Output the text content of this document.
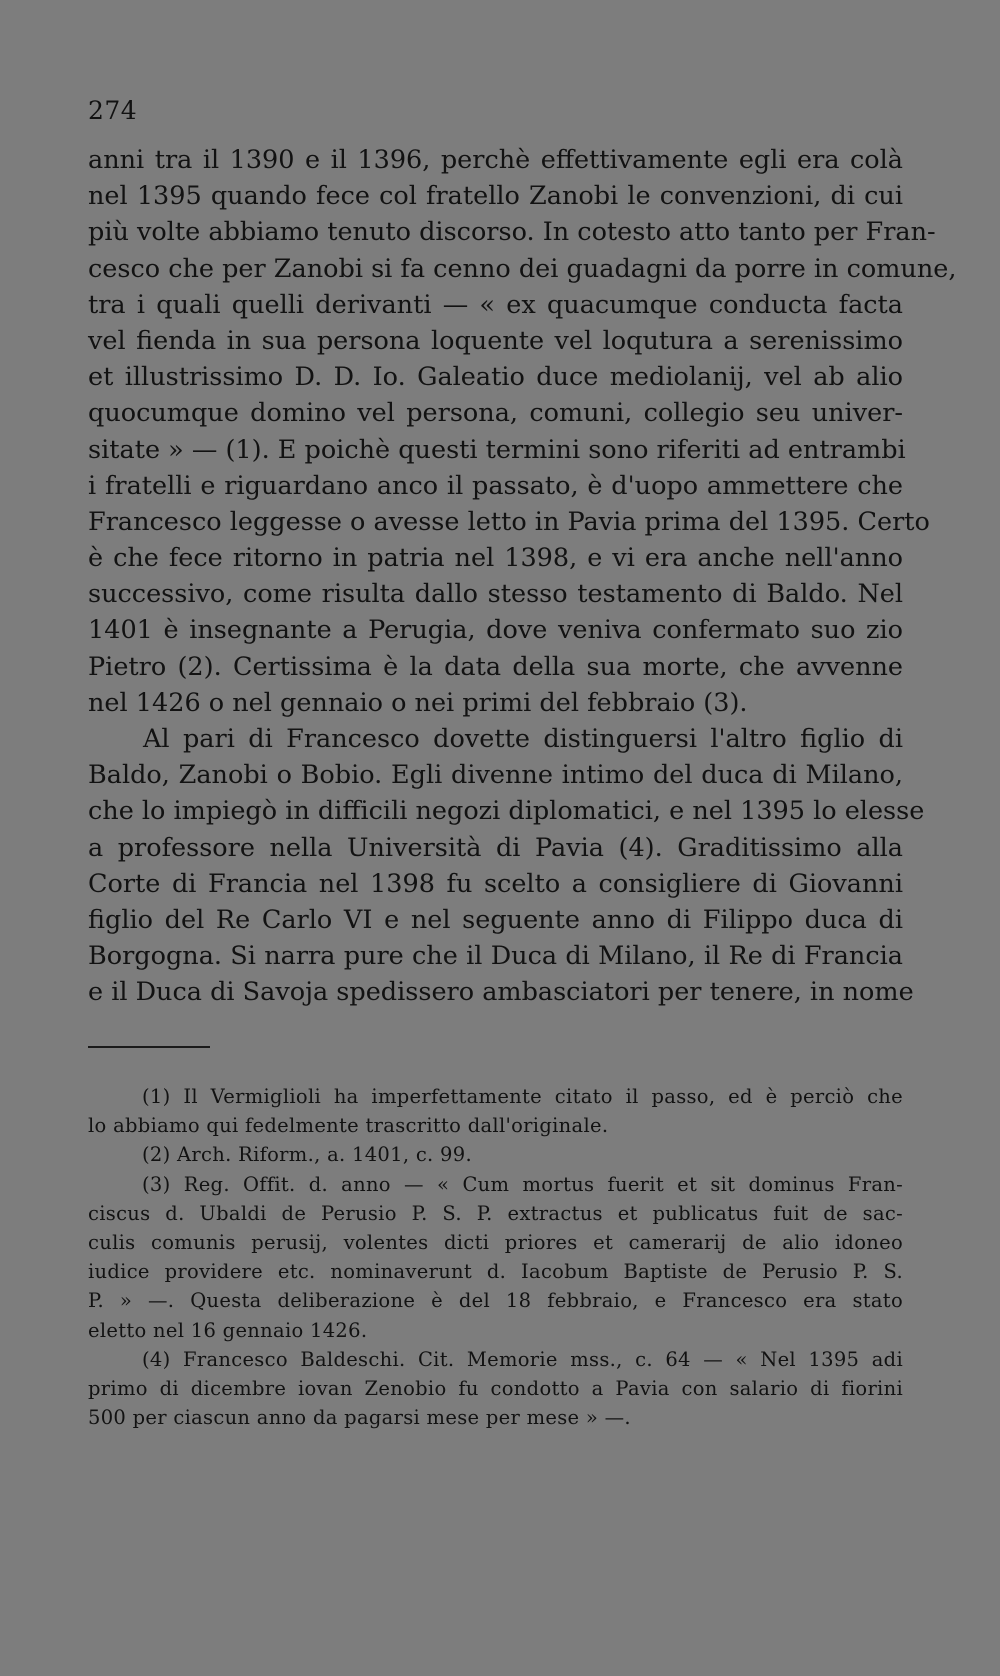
274
anni tra il 1390 e il 1396, perchè effettivamente egli era colà
nel 1395 quando fece col fratello Zanobi le convenzioni, di cui
più volte abbiamo tenuto discorso. In cotesto atto tanto per Fran-
cesco che per Zanobi si fa cenno dei guadagni da porre in comune,
tra i quali quelli derivanti — « ex quacumque conducta facta
vel fienda in sua persona loquente vel loqutura a serenissimo
et illustrissimo D. D. Io. Galeatio duce mediolanij, vel ab alio
quocumque domino vel persona, comuni, collegio seu univer-
sitate » — (1). E poichè questi termini sono riferiti ad entrambi
i fratelli e riguardano anco il passato, è d'uopo ammettere che
Francesco leggesse o avesse letto in Pavia prima del 1395. Certo
è che fece ritorno in patria nel 1398, e vi era anche nell'anno
successivo, come risulta dallo stesso testamento di Baldo. Nel
1401 è insegnante a Perugia, dove veniva confermato suo zio
Pietro (2). Certissima è la data della sua morte, che avvenne
nel 1426 o nel gennaio o nei primi del febbraio (3).
Al pari di Francesco dovette distinguersi l'altro figlio di
Baldo, Zanobi o Bobio. Egli divenne intimo del duca di Milano,
che lo impiegò in difficili negozi diplomatici, e nel 1395 lo elesse
a professore nella Università di Pavia (4). Graditissimo alla
Corte di Francia nel 1398 fu scelto a consigliere di Giovanni
figlio del Re Carlo VI e nel seguente anno di Filippo duca di
Borgogna. Si narra pure che il Duca di Milano, il Re di Francia
e il Duca di Savoja spedissero ambasciatori per tenere, in nome
(1) Il Vermiglioli ha imperfettamente citato il passo, ed è perciò che
lo abbiamo qui fedelmente trascritto dall'originale.
(2) Arch. Riform., a. 1401, c. 99.
(3) Reg. Offit. d. anno — « Cum mortus fuerit et sit dominus Fran-
ciscus d. Ubaldi de Perusio P. S. P. extractus et publicatus fuit de sac-
culis comunis perusij, volentes dicti priores et camerarij de alio idoneo
iudice providere etc. nominaverunt d. Iacobum Baptiste de Perusio P. S.
P. » —. Questa deliberazione è del 18 febbraio, e Francesco era stato
eletto nel 16 gennaio 1426.
(4) Francesco Baldeschi. Cit. Memorie mss., c. 64 — « Nel 1395 adi
primo di dicembre iovan Zenobio fu condotto a Pavia con salario di fiorini
500 per ciascun anno da pagarsi mese per mese » —.
